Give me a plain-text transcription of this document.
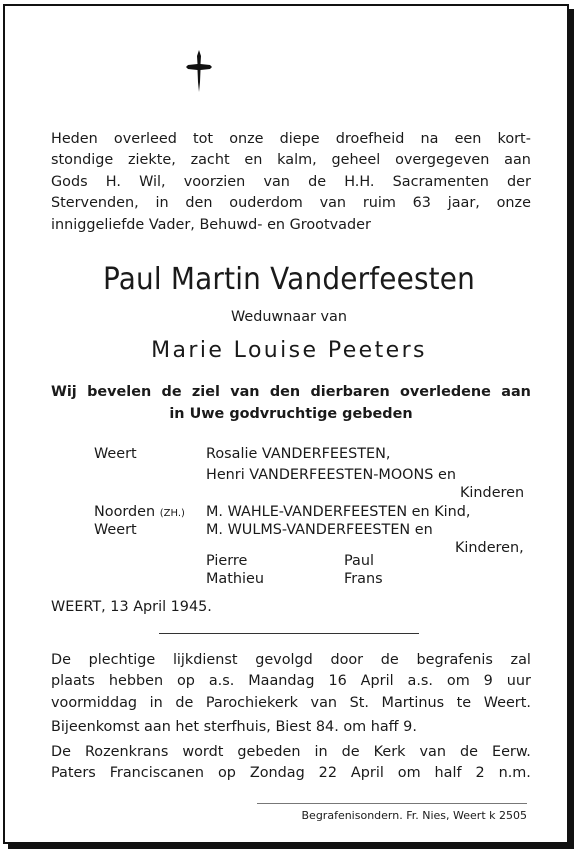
Heden overleed tot onze diepe droefheid na een kort-
stondige ziekte, zacht en kalm, geheel overgegeven aan
Gods H. Wil, voorzien van de H.H. Sacramenten der
Stervenden, in den ouderdom van ruim 63 jaar, onze
inniggeliefde Vader, Behuwd- en Grootvader
Paul Martin Vanderfeesten
Weduwnaar van
Marie Louise Peeters
Wij bevelen de ziel van den dierbaren overledene aan
in Uwe godvruchtige gebeden
Weert	Rosalie VANDERFEESTEN,
Henri VANDERFEESTEN-MOONS en
Kinderen
Noorden (ZH.) M. WAHLE-VANDERFEESTEN en Kind,
Weert	M. WULMS-VANDERFEESTEN en
Kinderen,
Pierre	Paul
Mathieu	Frans
WEERT, 13 April 1945.
De plechtige lijkdienst gevolgd door de begrafenis zal
plaats hebben op a.s. Maandag 16 April a.s. om 9 uur
voormiddag in de Parochiekerk van St. Martinus te Weert.
Bijeenkomst aan het sterfhuis, Biest 84. om haff 9.
De Rozenkrans wordt gebeden in de Kerk van de Eerw.
Paters Franciscanen op Zondag 22 April om half 2 n.m.
Begrafenisondern. Fr. Nies, Weert k 2505
